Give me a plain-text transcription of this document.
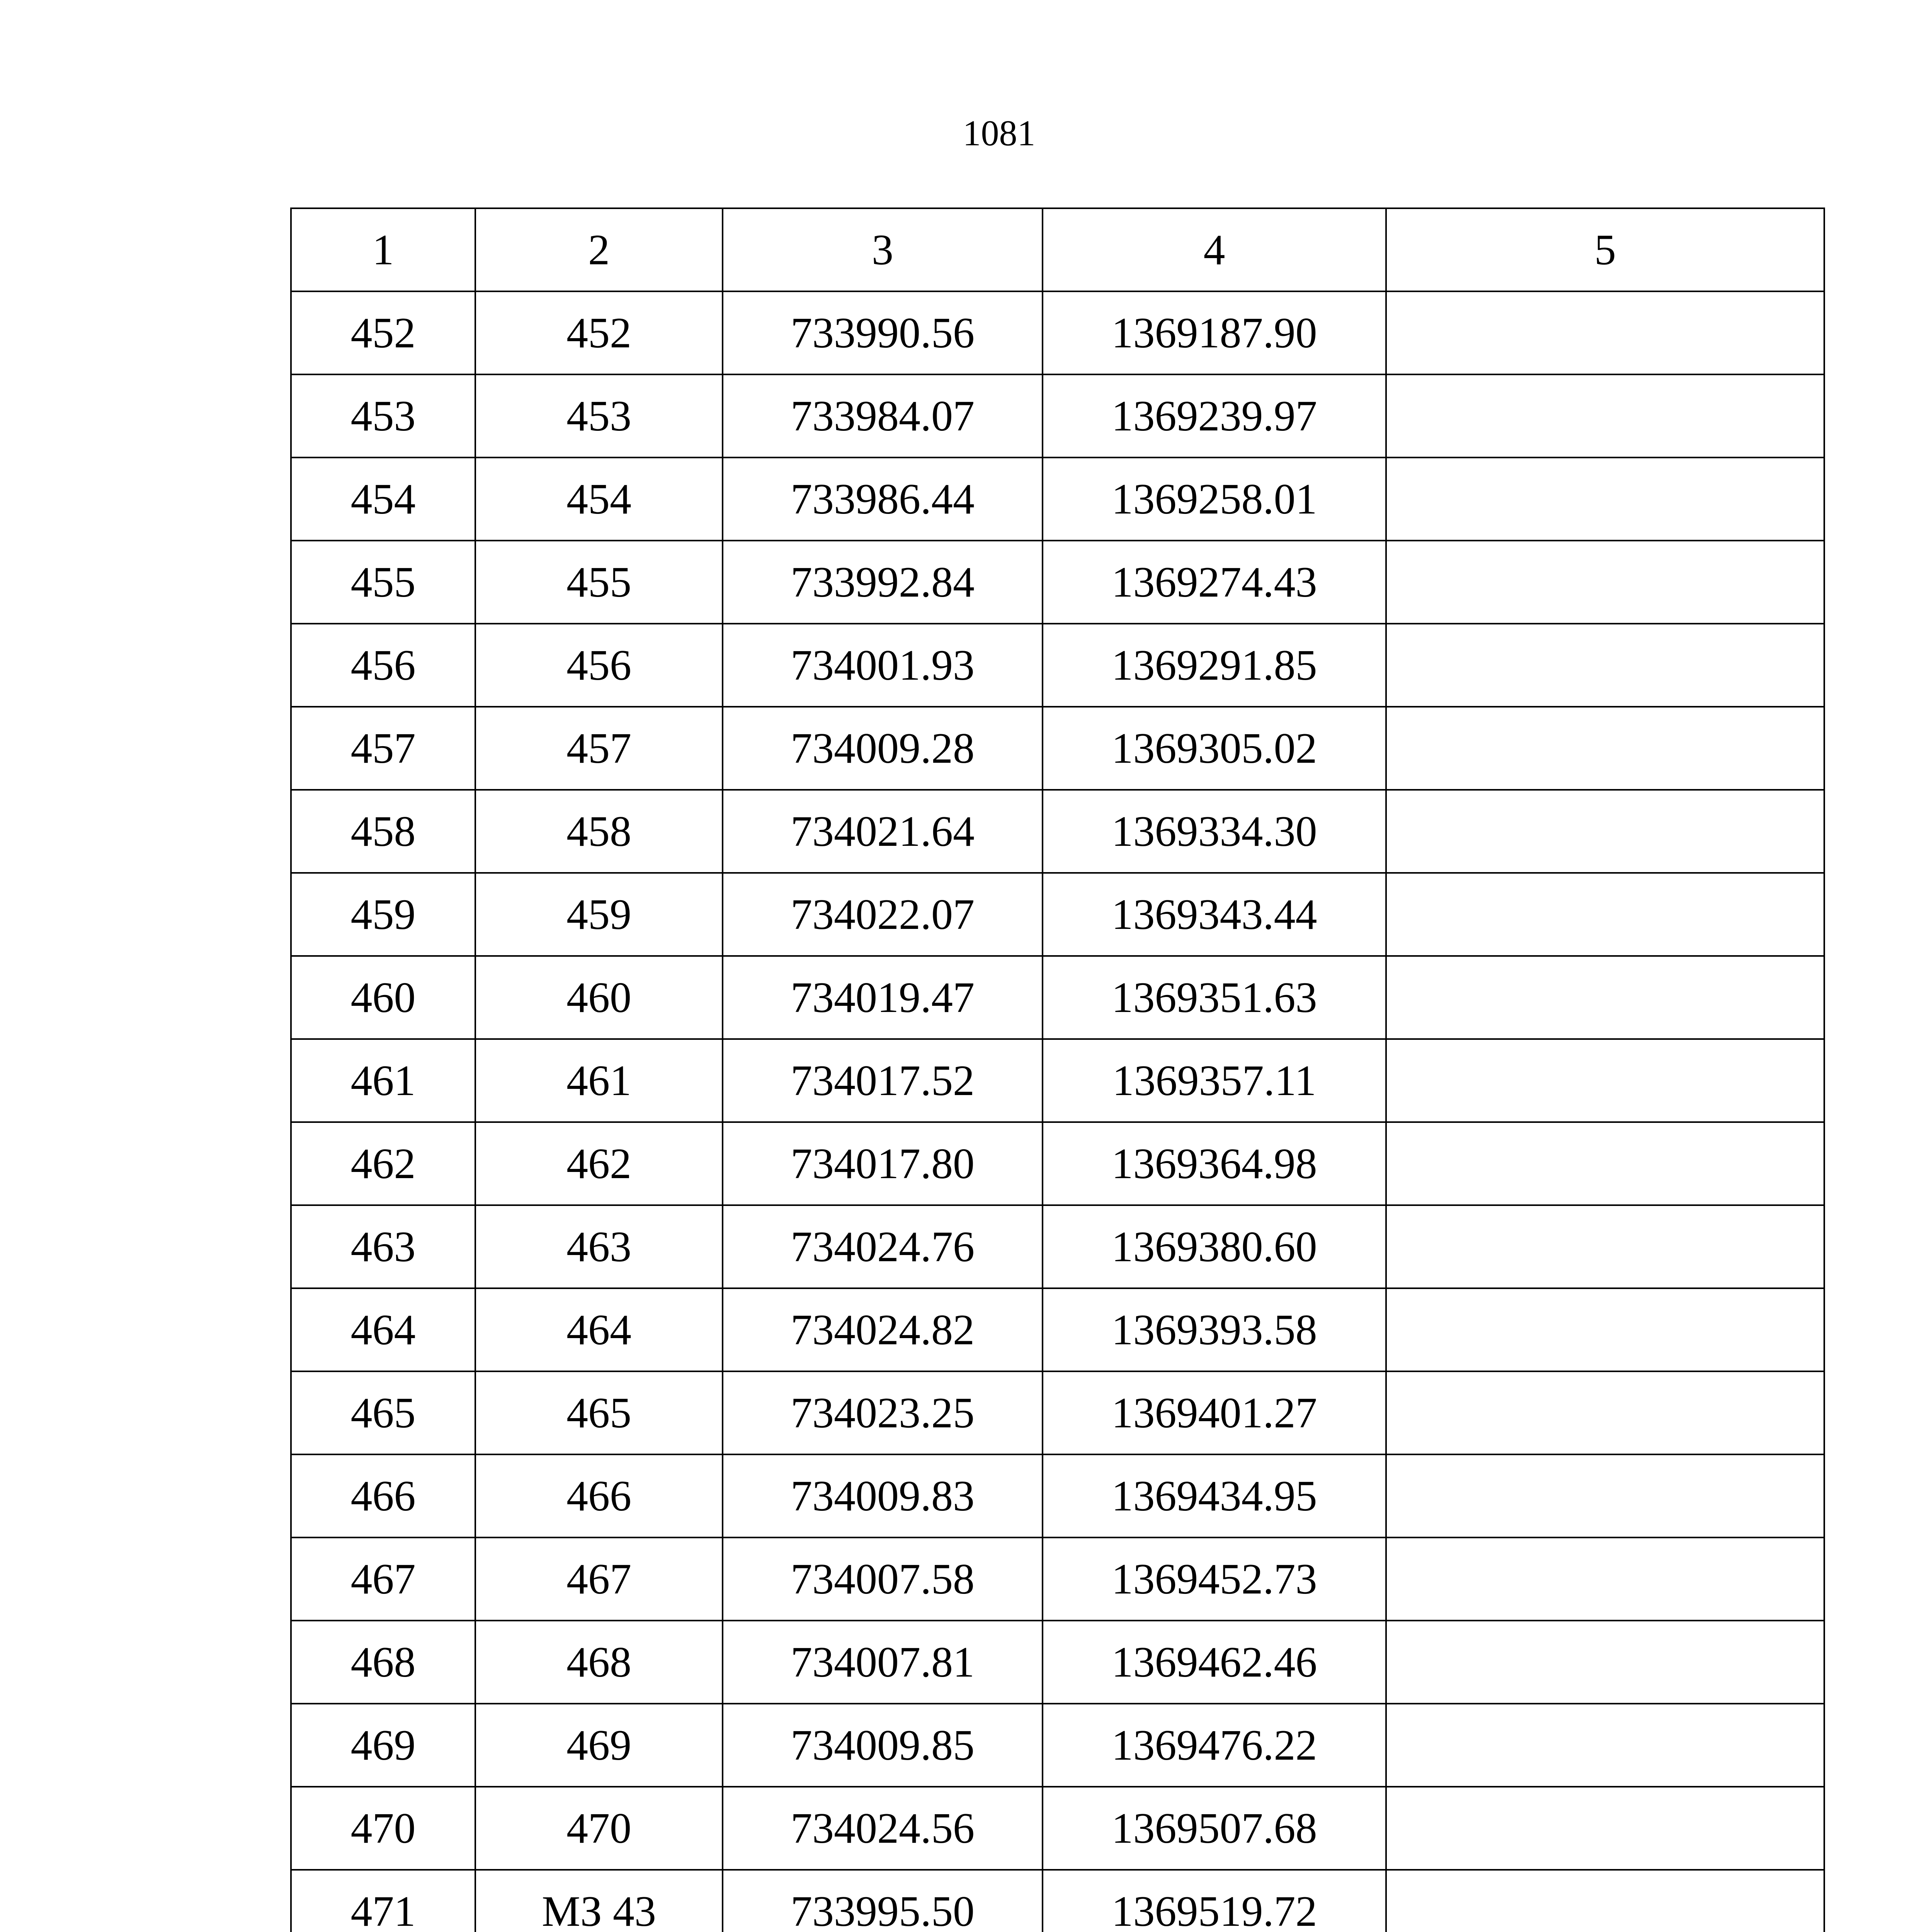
1081
1	2	3	4	5
452	452	733990.56	1369187.90	
453	453	733984.07	1369239.97	
454	454	733986.44	1369258.01	
455	455	733992.84	1369274.43	
456	456	734001.93	1369291.85	
457	457	734009.28	1369305.02	
458	458	734021.64	1369334.30	
459	459	734022.07	1369343.44	
460	460	734019.47	1369351.63	
461	461	734017.52	1369357.11	
462	462	734017.80	1369364.98	
463	463	734024.76	1369380.60	
464	464	734024.82	1369393.58	
465	465	734023.25	1369401.27	
466	466	734009.83	1369434.95	
467	467	734007.58	1369452.73	
468	468	734007.81	1369462.46	
469	469	734009.85	1369476.22	
470	470	734024.56	1369507.68	
471	МЗ 43	733995.50	1369519.72	
